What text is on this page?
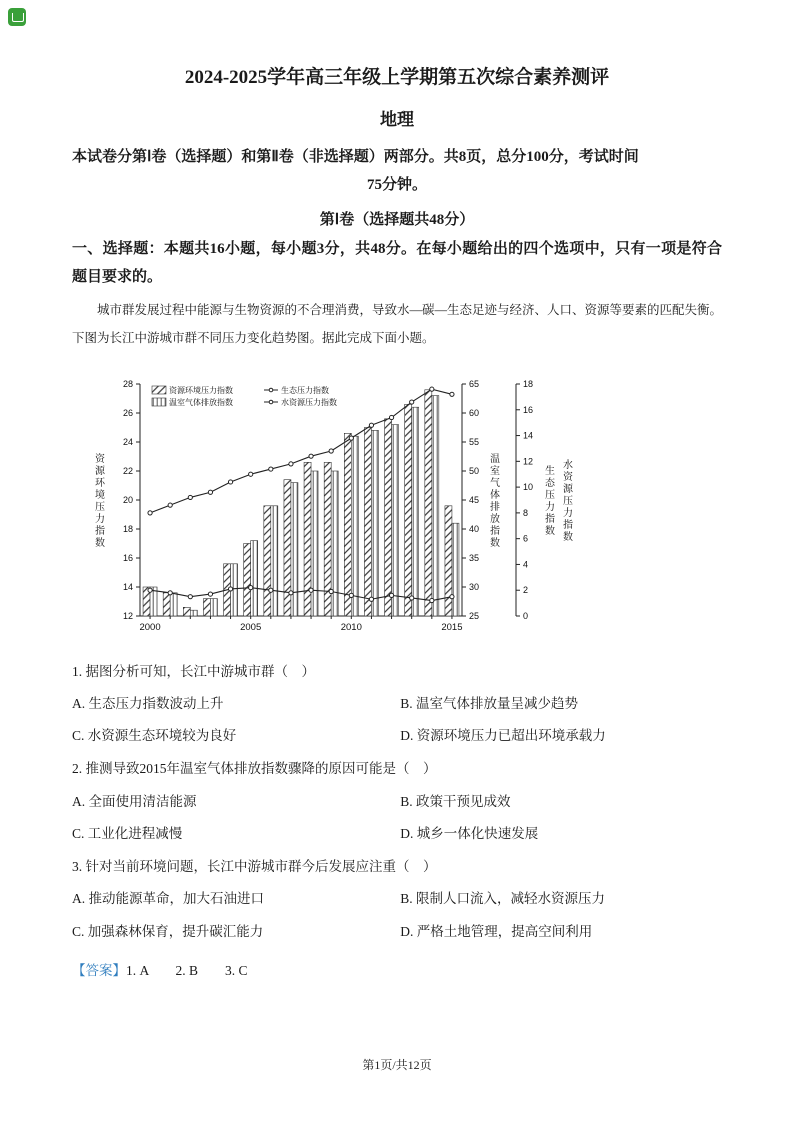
2024-2025学年高三年级上学期第五次综合素养测评
地理

本试卷分第Ⅰ卷（选择题）和第Ⅱ卷（非选择题）两部分。共8页，总分100分，考试时间

75分钟。

第Ⅰ卷（选择题共48分）

一、选择题：本题共16小题，每小题3分，共48分。在每小题给出的四个选项中，只有一项是符合题目要求的。

城市群发展过程中能源与生物资源的不合理消费，导致水—碳—生态足迹与经济、人口、资源等要素的匹配失衡。下图为长江中游城市群不同压力变化趋势图。据此完成下面小题。

12
14
16
18
20
22
24
26
28
25
30
35
40
45
50
55
60
65
0
2
4
6
8
10
12
14
16
18
2000	2005	2010	2015
资源环境压力指数
温室气体排放指数
生态压力指数
水资源压力指数
资源环境压力指数	生态压力指数
温室气体排放指数	水资源压力指数
1. 据图分析可知，长江中游城市群（　）
A. 生态压力指数波动上升	B. 温室气体排放量呈减少趋势
C. 水资源生态环境较为良好	D. 资源环境压力已超出环境承载力
2. 推测导致2015年温室气体排放指数骤降的原因可能是（　）
A. 全面使用清洁能源	B. 政策干预见成效
C. 工业化进程减慢	D. 城乡一体化快速发展
3. 针对当前环境问题，长江中游城市群今后发展应注重（　）
A. 推动能源革命，加大石油进口	B. 限制人口流入，减轻水资源压力
C. 加强森林保育，提升碳汇能力	D. 严格土地管理，提高空间利用

【答案】1. A　　2. B　　3. C

第1页/共12页
